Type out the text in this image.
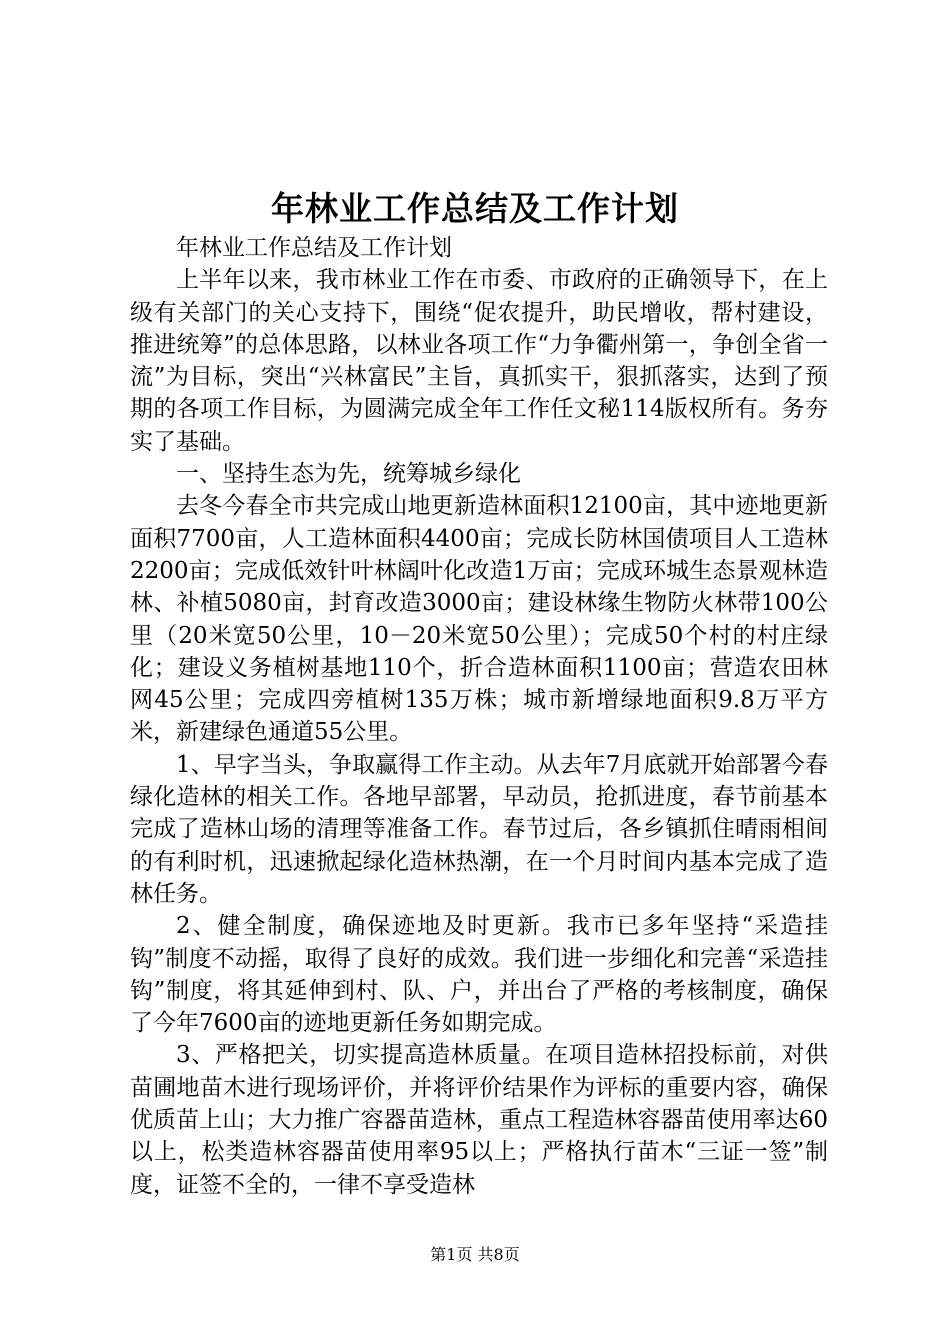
年林业工作总结及工作计划

年林业工作总结及工作计划

上半年以来，我市林业工作在市委、市政府的正确领导下，在上级有关部门的关心支持下，围绕“促农提升，助民增收，帮村建设，推进统筹”的总体思路，以林业各项工作“力争衢州第一，争创全省一流”为目标，突出“兴林富民”主旨，真抓实干，狠抓落实，达到了预期的各项工作目标，为圆满完成全年工作任文秘114版权所有。务夯实了基础。

一、坚持生态为先，统筹城乡绿化

去冬今春全市共完成山地更新造林面积12100亩，其中迹地更新面积7700亩，人工造林面积4400亩；完成长防林国债项目人工造林2200亩；完成低效针叶林阔叶化改造1万亩；完成环城生态景观林造林、补植5080亩，封育改造3000亩；建设林缘生物防火林带100公里（20米宽50公里，10－20米宽50公里）；完成50个村的村庄绿化；建设义务植树基地110个，折合造林面积1100亩；营造农田林网45公里；完成四旁植树135万株；城市新增绿地面积9.8万平方米，新建绿色通道55公里。

1、早字当头，争取赢得工作主动。从去年7月底就开始部署今春绿化造林的相关工作。各地早部署，早动员，抢抓进度，春节前基本完成了造林山场的清理等准备工作。春节过后，各乡镇抓住晴雨相间的有利时机，迅速掀起绿化造林热潮，在一个月时间内基本完成了造林任务。

2、健全制度，确保迹地及时更新。我市已多年坚持“采造挂钩”制度不动摇，取得了良好的成效。我们进一步细化和完善“采造挂钩”制度，将其延伸到村、队、户，并出台了严格的考核制度，确保了今年7600亩的迹地更新任务如期完成。

3、严格把关，切实提高造林质量。在项目造林招投标前，对供苗圃地苗木进行现场评价，并将评价结果作为评标的重要内容，确保优质苗上山；大力推广容器苗造林，重点工程造林容器苗使用率达60以上，松类造林容器苗使用率95以上；严格执行苗木“三证一签”制度，证签不全的，一律不享受造林

第1页 共8页
